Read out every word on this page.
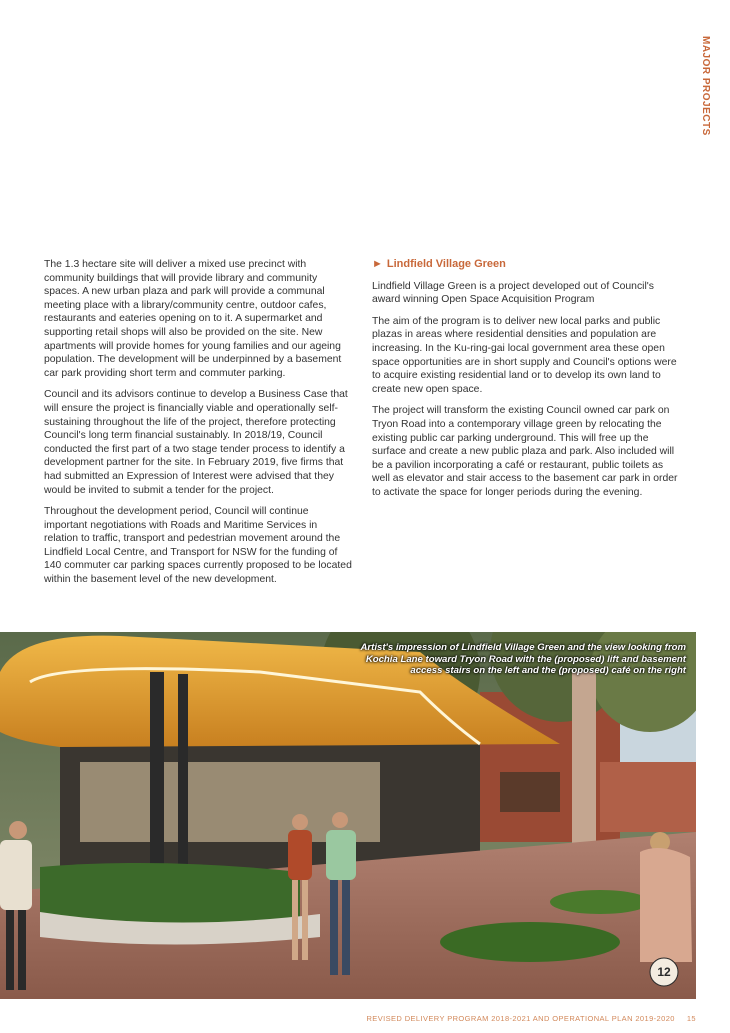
MAJOR PROJECTS

The 1.3 hectare site will deliver a mixed use precinct with community buildings that will provide library and community spaces. A new urban plaza and park will provide a communal meeting place with a library/community centre, outdoor cafes, restaurants and eateries opening on to it. A supermarket and supporting retail shops will also be provided on the site. New apartments will provide homes for young families and our ageing population. The development will be underpinned by a basement car park providing short term and commuter parking.

Council and its advisors continue to develop a Business Case that will ensure the project is financially viable and operationally self-sustaining throughout the life of the project, therefore protecting Council's long term financial sustainably. In 2018/19, Council conducted the first part of a two stage tender process to identify a development partner for the site. In February 2019, five firms that had submitted an Expression of Interest were advised that they would be invited to submit a tender for the project.

Throughout the development period, Council will continue important negotiations with Roads and Maritime Services in relation to traffic, transport and pedestrian movement around the Lindfield Local Centre, and Transport for NSW for the funding of 140 commuter car parking spaces currently proposed to be located within the basement level of the new development.

► Lindfield Village Green

Lindfield Village Green is a project developed out of Council's award winning Open Space Acquisition Program

The aim of the program is to deliver new local parks and public plazas in areas where residential densities and population are increasing. In the Ku-ring-gai local government area these open space opportunities are in short supply and Council's options were to acquire existing residential land or to develop its own land to create new open space.

The project will transform the existing Council owned car park on Tryon Road into a contemporary village green by relocating the existing public car parking underground. This will free up the surface and create a new public plaza and park. Also included will be a pavilion incorporating a café or restaurant, public toilets as well as elevator and stair access to the basement car park in order to activate the space for longer periods during the evening.

12
Artist's impression of Lindfield Village Green and the view looking from Kochia Lane toward Tryon Road with the (proposed) lift and basement access stairs on the left and the (proposed) café on the right
REVISED DELIVERY PROGRAM 2018-2021 AND OPERATIONAL PLAN 2019-2020 15
